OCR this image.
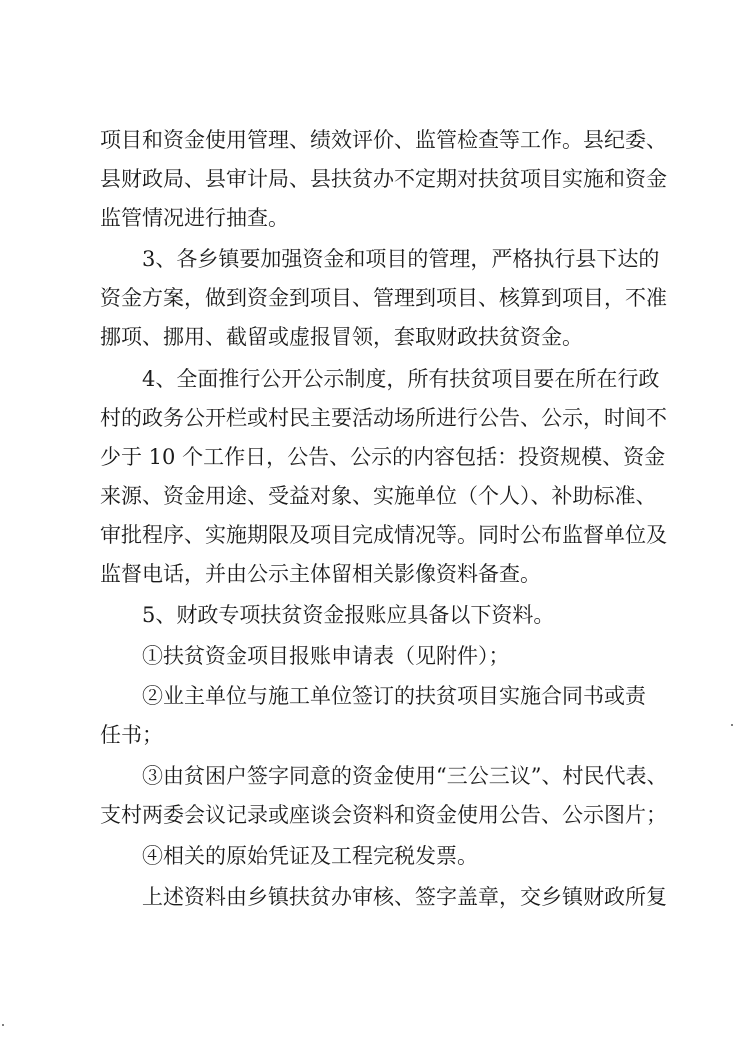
项目和资金使用管理、绩效评价、监管检查等工作。县纪委、

县财政局、县审计局、县扶贫办不定期对扶贫项目实施和资金

监管情况进行抽查。

3、各乡镇要加强资金和项目的管理，严格执行县下达的

资金方案，做到资金到项目、管理到项目、核算到项目，不准

挪项、挪用、截留或虚报冒领，套取财政扶贫资金。

4、全面推行公开公示制度，所有扶贫项目要在所在行政

村的政务公开栏或村民主要活动场所进行公告、公示，时间不

少于 10 个工作日，公告、公示的内容包括：投资规模、资金

来源、资金用途、受益对象、实施单位（个人）、补助标准、

审批程序、实施期限及项目完成情况等。同时公布监督单位及

监督电话，并由公示主体留相关影像资料备查。

5、财政专项扶贫资金报账应具备以下资料。

①扶贫资金项目报账申请表（见附件）；

②业主单位与施工单位签订的扶贫项目实施合同书或责

任书；

③由贫困户签字同意的资金使用“三公三议”、村民代表、

支村两委会议记录或座谈会资料和资金使用公告、公示图片；

④相关的原始凭证及工程完税发票。

上述资料由乡镇扶贫办审核、签字盖章，交乡镇财政所复
